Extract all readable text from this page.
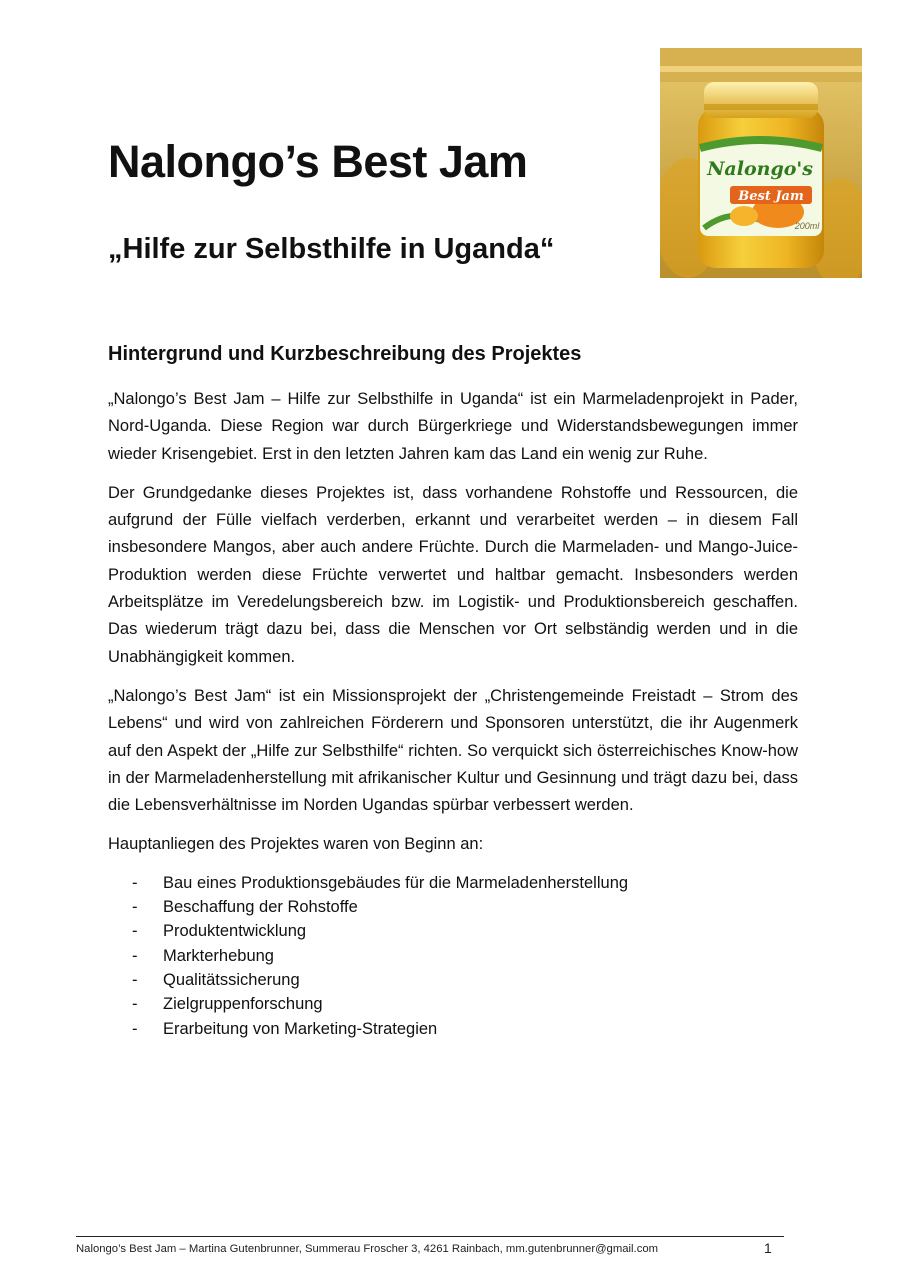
Nalongo’s Best Jam
„Hilfe zur Selbsthilfe in Uganda“
Nalongo's
Best Jam
200ml
Hintergrund und Kurzbeschreibung des Projektes

„Nalongo’s Best Jam – Hilfe zur Selbsthilfe in Uganda“ ist ein Marmeladenprojekt in Pader, Nord-Uganda. Diese Region war durch Bürgerkriege und Widerstandsbewegungen immer wieder Krisengebiet. Erst in den letzten Jahren kam das Land ein wenig zur Ruhe.

Der Grundgedanke dieses Projektes ist, dass vorhandene Rohstoffe und Ressourcen, die aufgrund der Fülle vielfach verderben, erkannt und verarbeitet werden – in diesem Fall insbesondere Mangos, aber auch andere Früchte. Durch die Marmeladen- und Mango-Juice-Produktion werden diese Früchte verwertet und haltbar gemacht. Insbesonders werden Arbeitsplätze im Veredelungsbereich bzw. im Logistik- und Produktionsbereich geschaffen. Das wiederum trägt dazu bei, dass die Menschen vor Ort selbständig werden und in die Unabhängigkeit kommen.

„Nalongo’s Best Jam“ ist ein Missionsprojekt der „Christengemeinde Freistadt – Strom des Lebens“ und wird von zahlreichen Förderern und Sponsoren unterstützt, die ihr Augenmerk auf den Aspekt der „Hilfe zur Selbsthilfe“ richten. So verquickt sich österreichisches Know-how in der Marmeladenherstellung mit afrikanischer Kultur und Gesinnung und trägt dazu bei, dass die Lebensverhältnisse im Norden Ugandas spürbar verbessert werden.

Hauptanliegen des Projektes waren von Beginn an:

- Bau eines Produktionsgebäudes für die Marmeladenherstellung
- Beschaffung der Rohstoffe
- Produktentwicklung
- Markterhebung
- Qualitätssicherung
- Zielgruppenforschung
- Erarbeitung von Marketing-Strategien
Nalongo’s Best Jam – Martina Gutenbrunner, Summerau Froscher 3, 4261 Rainbach, mm.gutenbrunner@gmail.com	1
